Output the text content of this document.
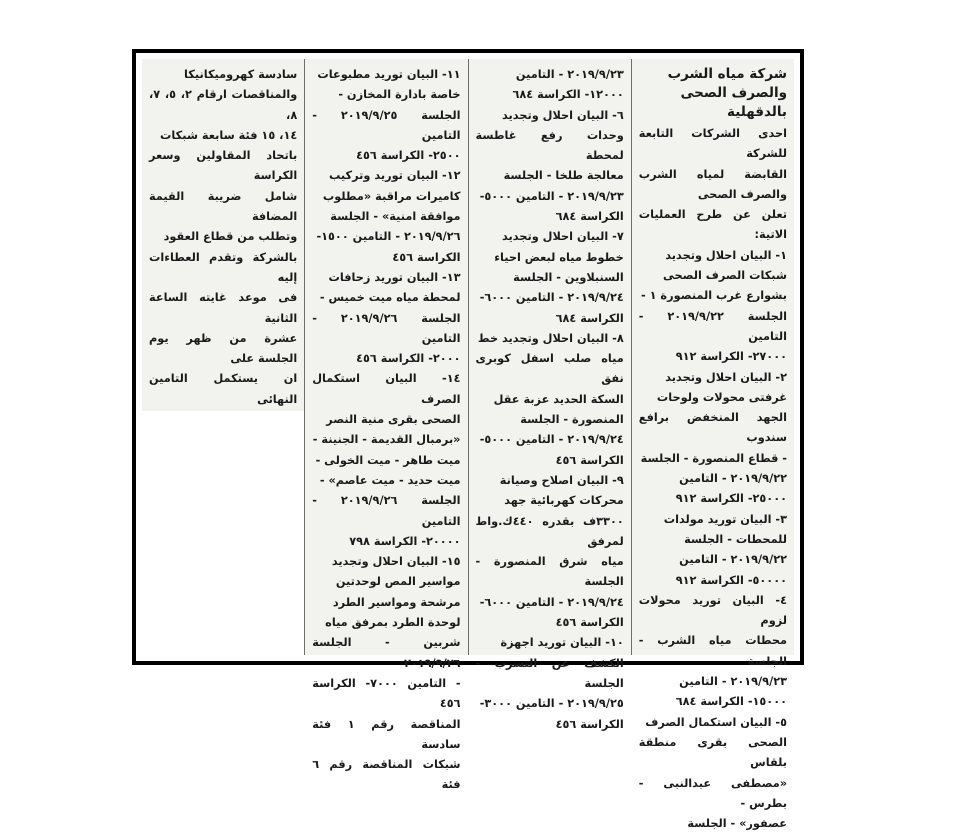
شركة مياه الشرب
والصرف الصحى بالدقهلية

احدى الشركات التابعة للشركة
القابضة لمياه الشرب والصرف الصحى
تعلن عن طرح العمليات الاتية:
١- البيان احلال وتجديد
شبكات الصرف الصحى
بشوارع غرب المنصورة ١ -
الجلسة ٢٠١٩/٩/٢٢ - التامين
٢٧٠٠٠- الكراسة ٩١٢
٢- البيان احلال وتجديد
غرفتى محولات ولوحات
الجهد المنخفض برافع سندوب
- قطاع المنصورة - الجلسة
٢٠١٩/٩/٢٢ - التامين
٢٥٠٠٠- الكراسة ٩١٢
٣- البيان توريد مولدات
للمحطات - الجلسة
٢٠١٩/٩/٢٢ - التامين
٥٠٠٠٠- الكراسة ٩١٢
٤- البيان توريد محولات لزوم
محطات مياه الشرب - الجلسة
٢٠١٩/٩/٢٣ - التامين
١٥٠٠٠- الكراسة ٦٨٤
٥- البيان استكمال الصرف
الصحى بقرى منطقة بلقاس
«مصطفى عبدالنبى - بطرس -
عصفور» - الجلسة

٢٠١٩/٩/٢٣ - التامين
١٢٠٠٠- الكراسة ٦٨٤
٦- البيان احلال وتجديد
وحدات رفع غاطسة لمحطة
معالجة طلخا - الجلسة
٢٠١٩/٩/٢٣ - التامين ٥٠٠٠-
الكراسة ٦٨٤
٧- البيان احلال وتجديد
خطوط مياه لبعض احياء
السنبلاوين - الجلسة
٢٠١٩/٩/٢٤ - التامين ٦٠٠٠-
الكراسة ٦٨٤
٨- البيان احلال وتجديد خط
مياه صلب اسفل كوبرى نفق
السكة الحديد عزبة عقل
المنصورة - الجلسة
٢٠١٩/٩/٢٤ - التامين ٥٠٠٠-
الكراسة ٤٥٦
٩- البيان اصلاح وصيانة
محركات كهربائية جهد
٣٣٠٠ف بقدره ٤٤٠ك.واط لمرفق
مياه شرق المنصورة - الجلسة
٢٠١٩/٩/٢٤ - التامين ٦٠٠٠-
الكراسة ٤٥٦
١٠- البيان توريد اجهزة
الكشف عن التسرب - الجلسة
٢٠١٩/٩/٢٥ - التامين ٣٠٠٠-
الكراسة ٤٥٦

١١- البيان توريد مطبوعات
خاصة بادارة المخازن -
الجلسة ٢٠١٩/٩/٢٥ - التامين
٢٥٠٠- الكراسة ٤٥٦
١٢- البيان توريد وتركيب
كاميرات مراقبة «مطلوب
موافقة امنية» - الجلسة
٢٠١٩/٩/٢٦ - التامين ١٥٠٠-
الكراسة ٤٥٦
١٣- البيان توريد زحافات
لمحطة مياه ميت خميس -
الجلسة ٢٠١٩/٩/٢٦ - التامين
٢٠٠٠- الكراسة ٤٥٦
١٤- البيان استكمال الصرف
الصحى بقرى منية النصر
«برمبال القديمة - الجنينة -
ميت طاهر - ميت الخولى -
ميت حديد - ميت عاصم» -
الجلسة ٢٠١٩/٩/٢٦ - التامين
٢٠٠٠٠- الكراسة ٧٩٨
١٥- البيان احلال وتجديد
مواسير المص لوحدتين
مرشحة ومواسير الطرد
لوحدة الطرد بمرفق مياه
شربين - الجلسة ٢٠١٩/٩/٢٦
- التامين ٧٠٠٠- الكراسة ٤٥٦
المناقصة رقم ١ فئة سادسة
شبكات المناقصة رقم ٦ فئة

سادسة كهروميكانيكا
والمناقصات ارقام ٢، ٥، ٧، ٨،
١٤، ١٥ فئة سابعة شبكات
باتحاد المقاولين وسعر الكراسة
شامل ضريبة القيمة المضافة
وتطلب من قطاع العقود
بالشركة وتقدم العطاءات إليه
فى موعد غايته الساعة الثانية
عشرة من ظهر يوم الجلسة على
ان يستكمل التامين النهائى
